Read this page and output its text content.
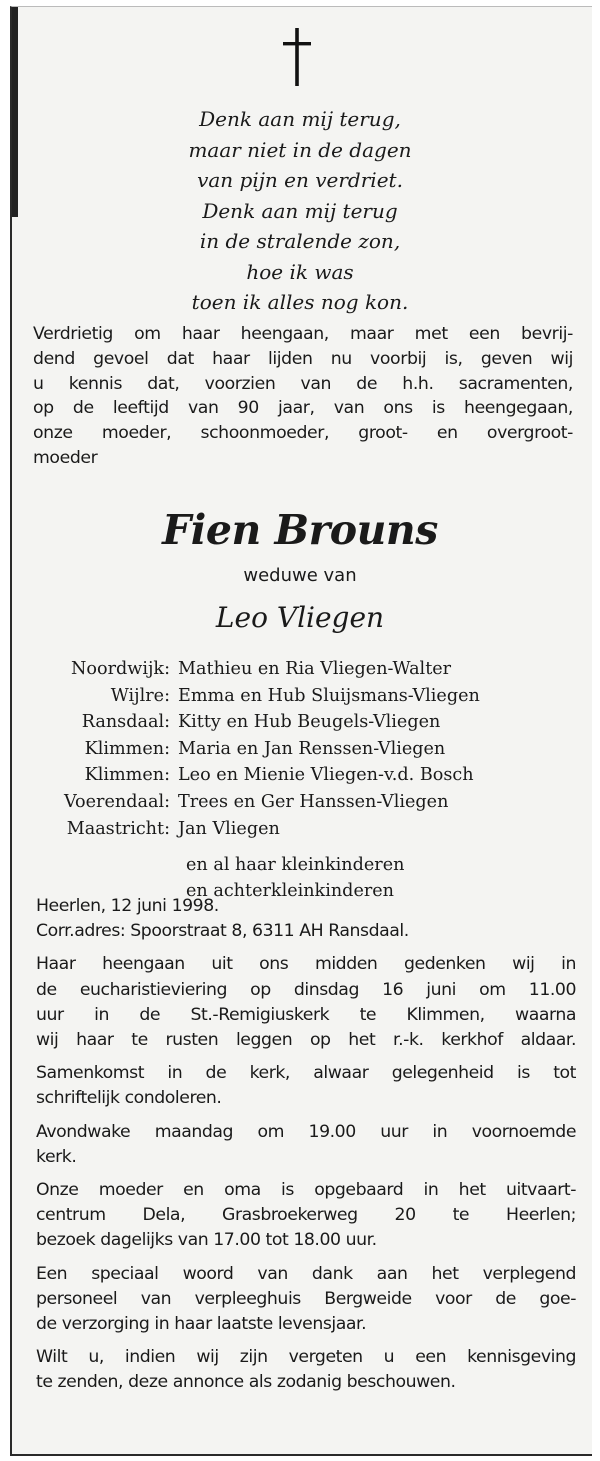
Denk aan mij terug,
maar niet in de dagen
van pijn en verdriet.
Denk aan mij terug
in de stralende zon,
hoe ik was
toen ik alles nog kon.
Verdrietig om haar heengaan, maar met een bevrij-
dend gevoel dat haar lijden nu voorbij is, geven wij
u kennis dat, voorzien van de h.h. sacramenten,
op de leeftijd van 90 jaar, van ons is heengegaan,
onze moeder, schoonmoeder, groot- en overgroot-
moeder
Fien Brouns
weduwe van
Leo Vliegen
Noordwijk: Mathieu en Ria Vliegen-Walter
Wijlre: Emma en Hub Sluijsmans-Vliegen
Ransdaal: Kitty en Hub Beugels-Vliegen
Klimmen: Maria en Jan Renssen-Vliegen
Klimmen: Leo en Mienie Vliegen-v.d. Bosch
Voerendaal: Trees en Ger Hanssen-Vliegen
Maastricht: Jan Vliegen
en al haar kleinkinderen
en achterkleinkinderen
Heerlen, 12 juni 1998.
Corr.adres: Spoorstraat 8, 6311 AH Ransdaal.
Haar heengaan uit ons midden gedenken wij in
de eucharistieviering op dinsdag 16 juni om 11.00
uur in de St.-Remigiuskerk te Klimmen, waarna
wij haar te rusten leggen op het r.-k. kerkhof aldaar.
Samenkomst in de kerk, alwaar gelegenheid is tot
schriftelijk condoleren.
Avondwake maandag om 19.00 uur in voornoemde
kerk.
Onze moeder en oma is opgebaard in het uitvaart-
centrum Dela, Grasbroekerweg 20 te Heerlen;
bezoek dagelijks van 17.00 tot 18.00 uur.
Een speciaal woord van dank aan het verplegend
personeel van verpleeghuis Bergweide voor de goe-
de verzorging in haar laatste levensjaar.
Wilt u, indien wij zijn vergeten u een kennisgeving
te zenden, deze annonce als zodanig beschouwen.
